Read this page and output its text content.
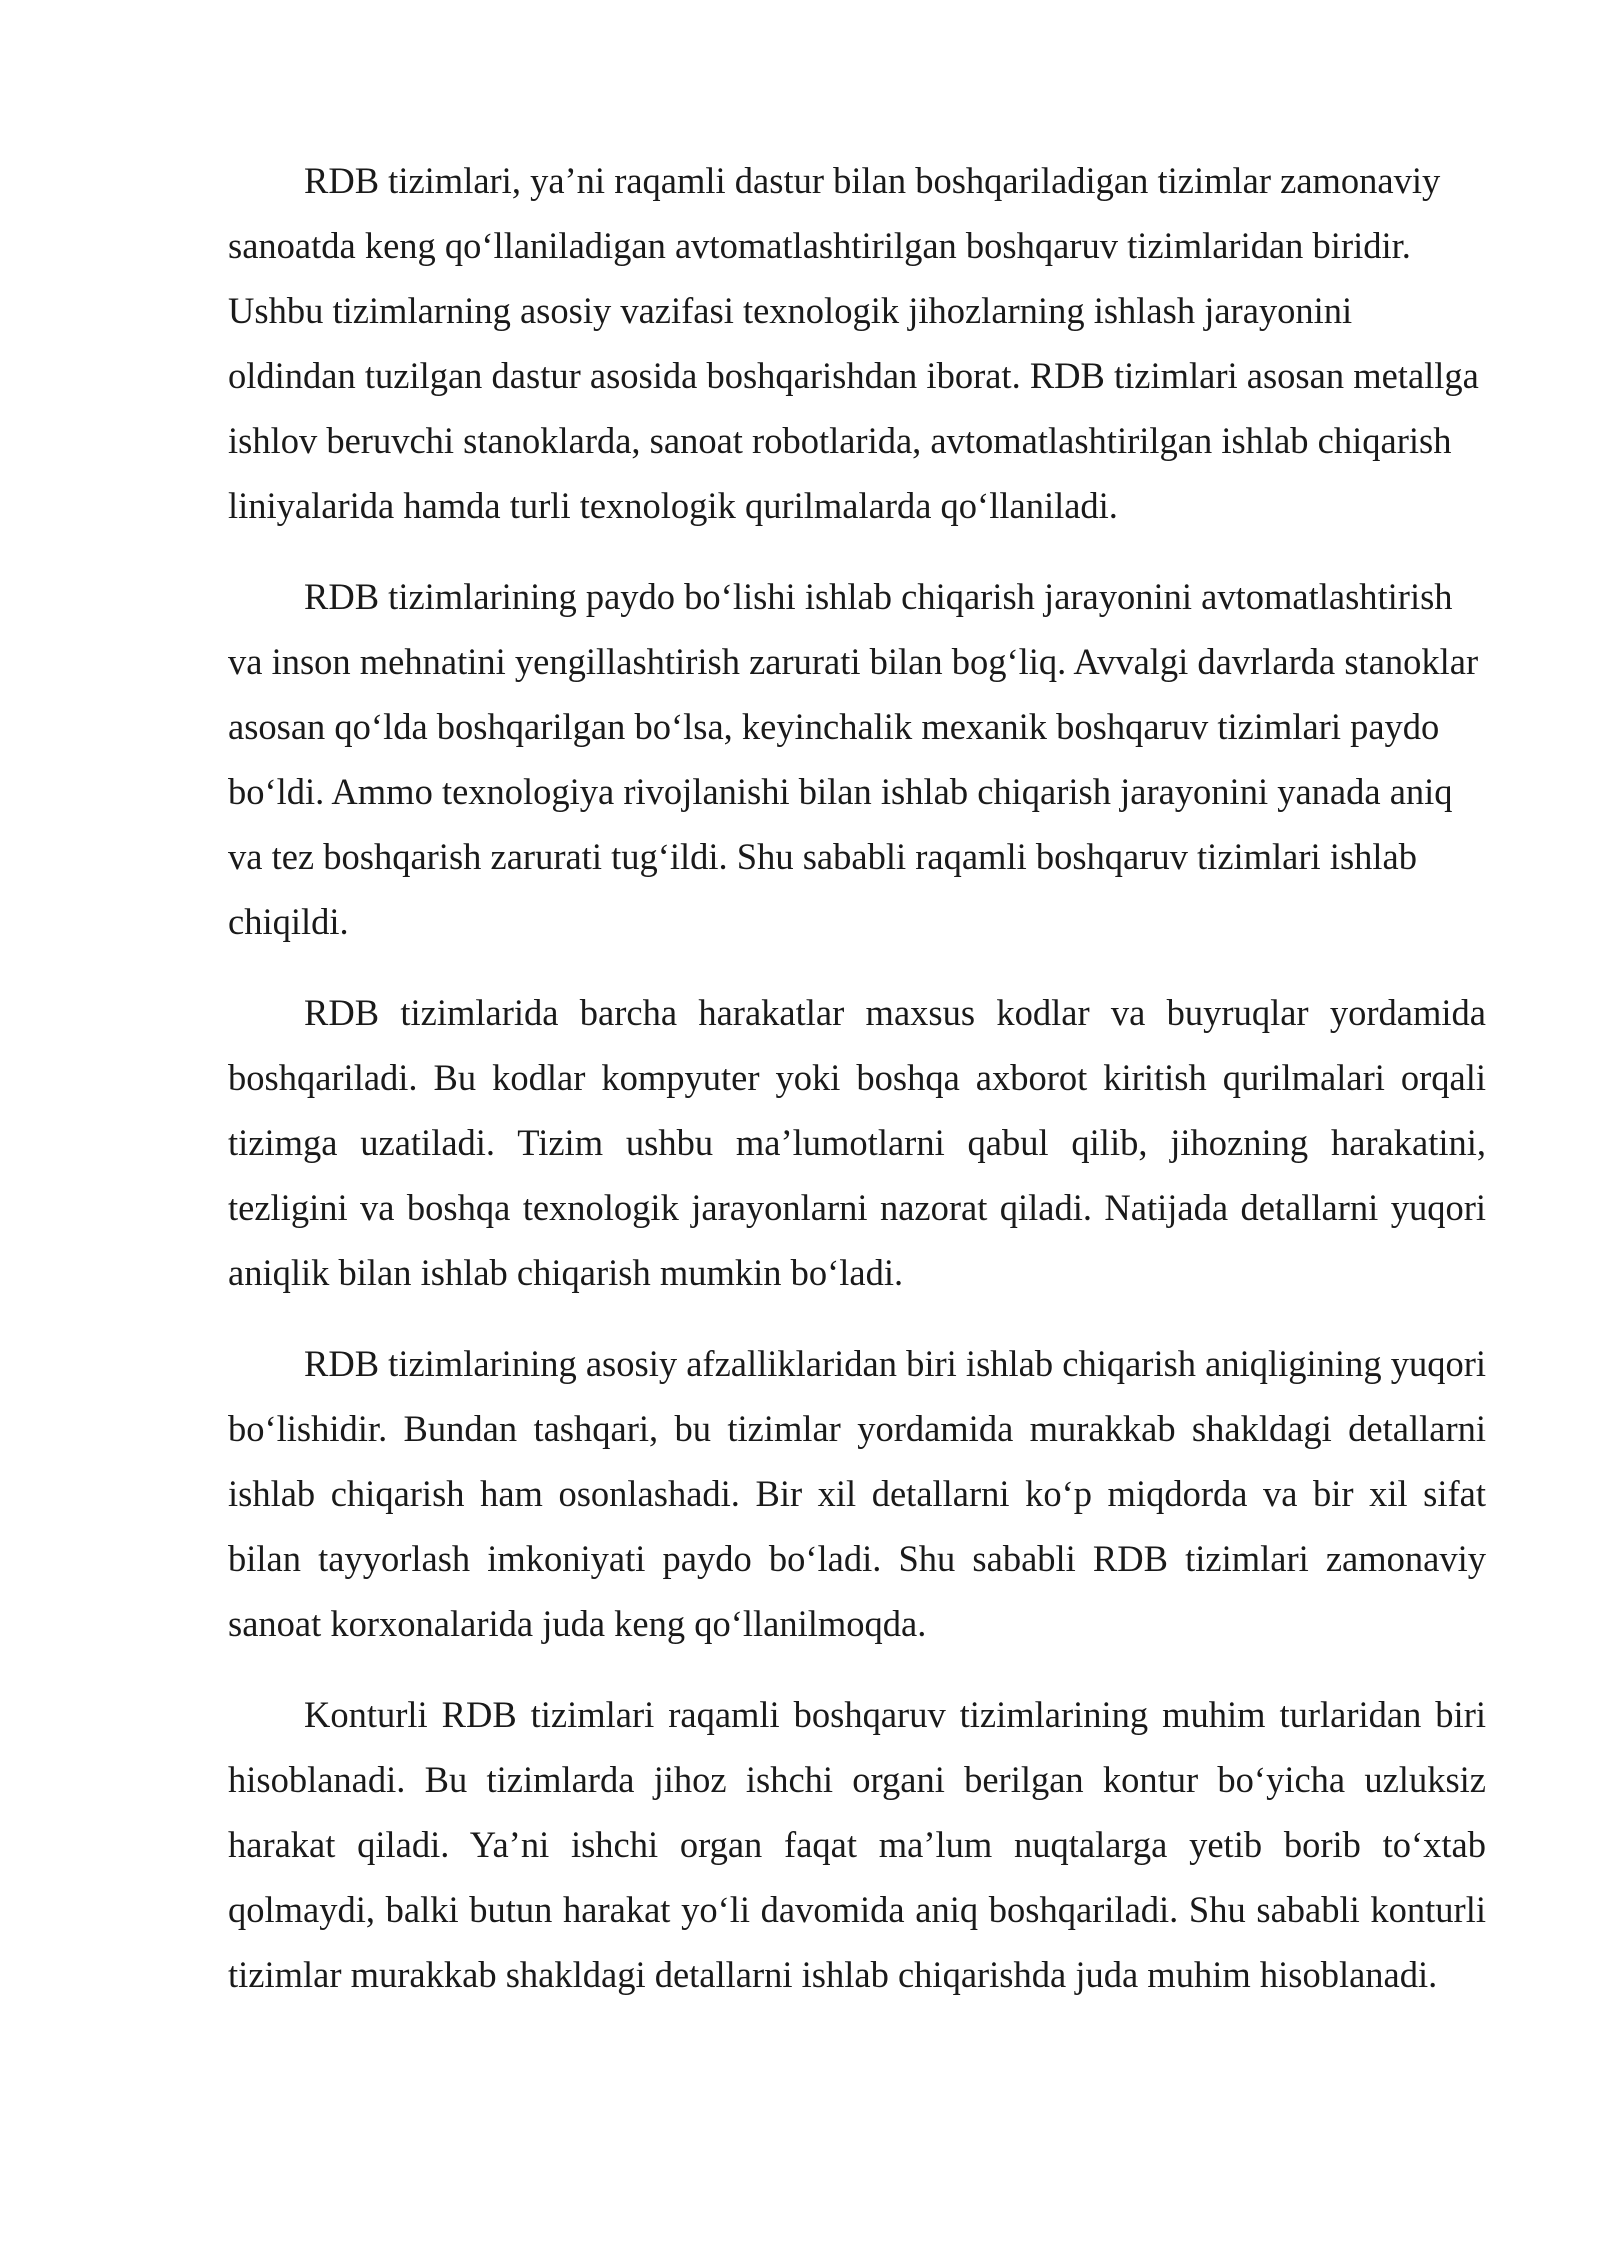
RDB tizimlari, ya’ni raqamli dastur bilan boshqariladigan tizimlar zamonaviy sanoatda keng qo‘llaniladigan avtomatlashtirilgan boshqaruv tizimlaridan biridir. Ushbu tizimlarning asosiy vazifasi texnologik jihozlarning ishlash jarayonini oldindan tuzilgan dastur asosida boshqarishdan iborat. RDB tizimlari asosan metallga ishlov beruvchi stanoklarda, sanoat robotlarida, avtomatlashtirilgan ishlab chiqarish liniyalarida hamda turli texnologik qurilmalarda qo‘llaniladi.

RDB tizimlarining paydo bo‘lishi ishlab chiqarish jarayonini avtomatlashtirish va inson mehnatini yengillashtirish zarurati bilan bog‘liq. Avvalgi davrlarda stanoklar asosan qo‘lda boshqarilgan bo‘lsa, keyinchalik mexanik boshqaruv tizimlari paydo bo‘ldi. Ammo texnologiya rivojlanishi bilan ishlab chiqarish jarayonini yanada aniq va tez boshqarish zarurati tug‘ildi. Shu sababli raqamli boshqaruv tizimlari ishlab chiqildi.

RDB tizimlarida barcha harakatlar maxsus kodlar va buyruqlar yordamida boshqariladi. Bu kodlar kompyuter yoki boshqa axborot kiritish qurilmalari orqali tizimga uzatiladi. Tizim ushbu ma’lumotlarni qabul qilib, jihozning harakatini, tezligini va boshqa texnologik jarayonlarni nazorat qiladi. Natijada detallarni yuqori aniqlik bilan ishlab chiqarish mumkin bo‘ladi.

RDB tizimlarining asosiy afzalliklaridan biri ishlab chiqarish aniqligining yuqori bo‘lishidir. Bundan tashqari, bu tizimlar yordamida murakkab shakldagi detallarni ishlab chiqarish ham osonlashadi. Bir xil detallarni ko‘p miqdorda va bir xil sifat bilan tayyorlash imkoniyati paydo bo‘ladi. Shu sababli RDB tizimlari zamonaviy sanoat korxonalarida juda keng qo‘llanilmoqda.

Konturli RDB tizimlari raqamli boshqaruv tizimlarining muhim turlaridan biri hisoblanadi. Bu tizimlarda jihoz ishchi organi berilgan kontur bo‘yicha uzluksiz harakat qiladi. Ya’ni ishchi organ faqat ma’lum nuqtalarga yetib borib to‘xtab qolmaydi, balki butun harakat yo‘li davomida aniq boshqariladi. Shu sababli konturli tizimlar murakkab shakldagi detallarni ishlab chiqarishda juda muhim hisoblanadi.
